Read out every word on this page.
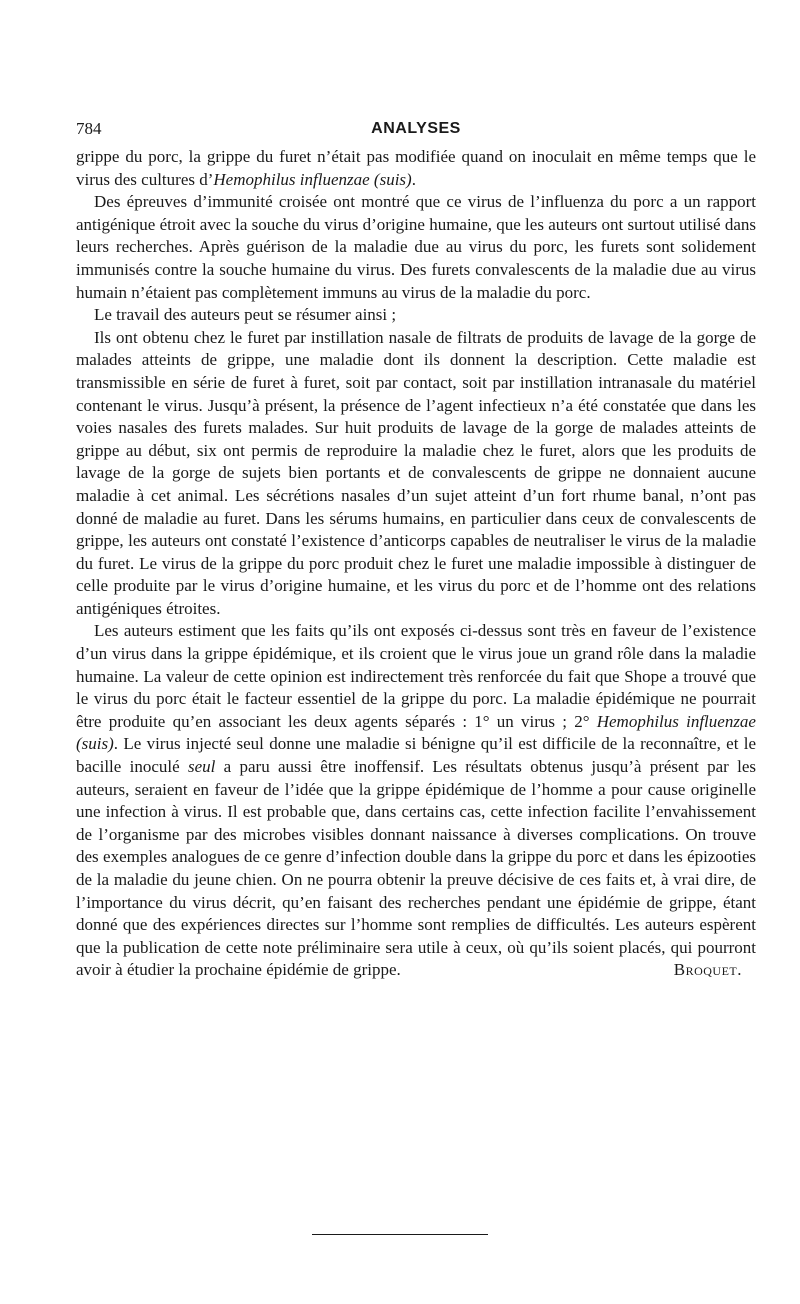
784	ANALYSES

grippe du porc, la grippe du furet n’était pas modifiée quand on inoculait en même temps que le virus des cultures d’Hemophilus influenzae (suis).

Des épreuves d’immunité croisée ont montré que ce virus de l’influenza du porc a un rapport antigénique étroit avec la souche du virus d’origine humaine, que les auteurs ont surtout utilisé dans leurs recherches. Après guérison de la maladie due au virus du porc, les furets sont solidement immunisés contre la souche humaine du virus. Des furets convalescents de la maladie due au virus humain n’étaient pas complètement immuns au virus de la maladie du porc.

Le travail des auteurs peut se résumer ainsi ;

Ils ont obtenu chez le furet par instillation nasale de filtrats de produits de lavage de la gorge de malades atteints de grippe, une maladie dont ils donnent la description. Cette maladie est transmissible en série de furet à furet, soit par contact, soit par instillation intranasale du matériel contenant le virus. Jusqu’à présent, la présence de l’agent infectieux n’a été constatée que dans les voies nasales des furets malades. Sur huit produits de lavage de la gorge de malades atteints de grippe au début, six ont permis de reproduire la maladie chez le furet, alors que les produits de lavage de la gorge de sujets bien portants et de convalescents de grippe ne donnaient aucune maladie à cet animal. Les sécrétions nasales d’un sujet atteint d’un fort rhume banal, n’ont pas donné de maladie au furet. Dans les sérums humains, en particulier dans ceux de convalescents de grippe, les auteurs ont constaté l’existence d’anticorps capables de neutraliser le virus de la maladie du furet. Le virus de la grippe du porc produit chez le furet une maladie impossible à distinguer de celle produite par le virus d’origine humaine, et les virus du porc et de l’homme ont des relations antigéniques étroites.

Les auteurs estiment que les faits qu’ils ont exposés ci-dessus sont très en faveur de l’existence d’un virus dans la grippe épidémique, et ils croient que le virus joue un grand rôle dans la maladie humaine. La valeur de cette opinion est indirectement très renforcée du fait que Shope a trouvé que le virus du porc était le facteur essentiel de la grippe du porc. La maladie épidémique ne pourrait être produite qu’en associant les deux agents séparés : 1° un virus ; 2° Hemophilus influenzae (suis). Le virus injecté seul donne une maladie si bénigne qu’il est difficile de la reconnaître, et le bacille inoculé seul a paru aussi être inoffensif. Les résultats obtenus jusqu’à présent par les auteurs, seraient en faveur de l’idée que la grippe épidémique de l’homme a pour cause originelle une infection à virus. Il est probable que, dans certains cas, cette infection facilite l’envahissement de l’organisme par des microbes visibles donnant naissance à diverses complications. On trouve des exemples analogues de ce genre d’infection double dans la grippe du porc et dans les épizooties de la maladie du jeune chien. On ne pourra obtenir la preuve décisive de ces faits et, à vrai dire, de l’importance du virus décrit, qu’en faisant des recherches pendant une épidémie de grippe, étant donné que des expériences directes sur l’homme sont remplies de difficultés. Les auteurs espèrent que la publication de cette note préliminaire sera utile à ceux, où qu’ils soient placés, qui pourront avoir à étudier la prochaine épidémie de grippe.	Broquet.
